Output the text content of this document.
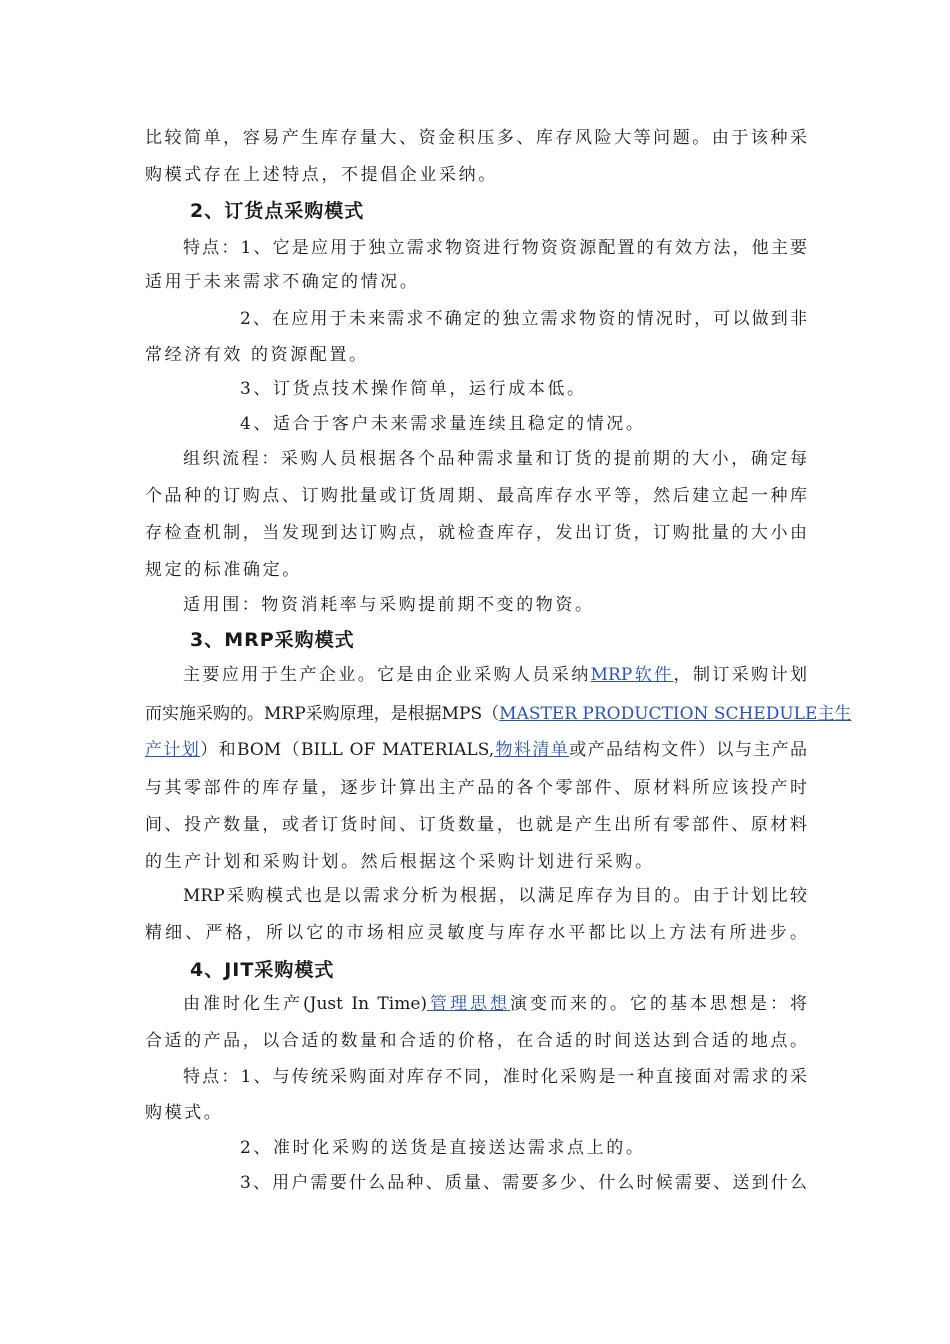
比较简单，容易产生库存量大、资金积压多、库存风险大等问题。由于该种采
购模式存在上述特点，不提倡企业采纳。
2、订货点采购模式
特点：1、它是应用于独立需求物资进行物资资源配置的有效方法，他主要
适用于未来需求不确定的情况。
2、在应用于未来需求不确定的独立需求物资的情况时，可以做到非
常经济有效 的资源配置。
3、订货点技术操作简单，运行成本低。
4、适合于客户未来需求量连续且稳定的情况。
组织流程：采购人员根据各个品种需求量和订货的提前期的大小，确定每
个品种的订购点、订购批量或订货周期、最高库存水平等，然后建立起一种库
存检查机制，当发现到达订购点，就检查库存，发出订货，订购批量的大小由
规定的标准确定。
适用围：物资消耗率与采购提前期不变的物资。
3、MRP采购模式
主要应用于生产企业。它是由企业采购人员采纳MRP软件，制订采购计划
而实施采购的。MRP采购原理，是根据MPS（MASTER PRODUCTION SCHEDULE主生
产计划）和BOM（BILL OF MATERIALS,物料清单或产品结构文件）以与主产品
与其零部件的库存量，逐步计算出主产品的各个零部件、原材料所应该投产时
间、投产数量，或者订货时间、订货数量，也就是产生出所有零部件、原材料
的生产计划和采购计划。然后根据这个采购计划进行采购。
MRP采购模式也是以需求分析为根据，以满足库存为目的。由于计划比较
精细、严格，所以它的市场相应灵敏度与库存水平都比以上方法有所进步。
4、JIT采购模式
由准时化生产(Just In Time)管理思想演变而来的。它的基本思想是：将
合适的产品，以合适的数量和合适的价格，在合适的时间送达到合适的地点。
特点：1、与传统采购面对库存不同，准时化采购是一种直接面对需求的采
购模式。
2、准时化采购的送货是直接送达需求点上的。
3、用户需要什么品种、质量、需要多少、什么时候需要、送到什么
